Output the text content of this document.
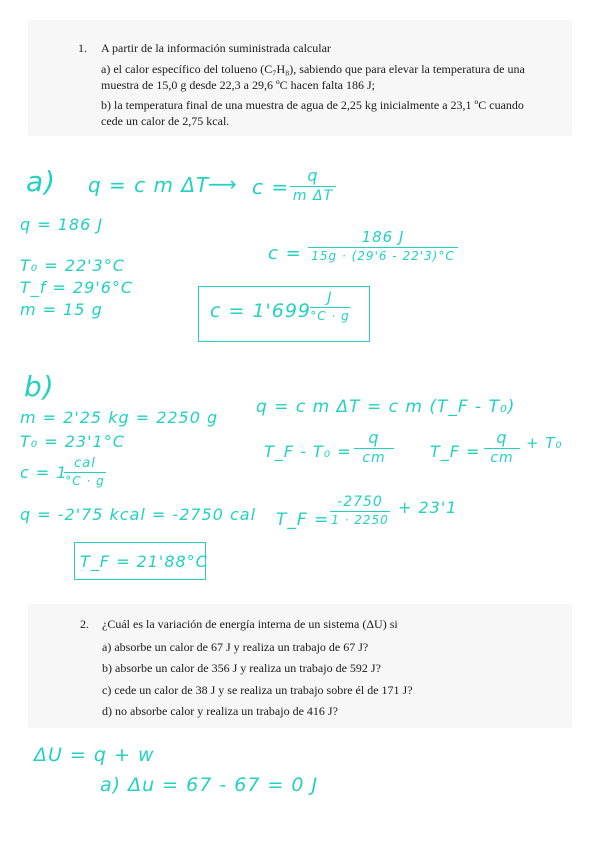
1. A partir de la información suministrada calcular
a) el calor específico del tolueno (C₇H₈), sabiendo que para elevar la temperatura de una
muestra de 15,0 g desde 22,3 a 29,6 ºC hacen falta 186 J;
b) la temperatura final de una muestra de agua de 2,25 kg inicialmente a 23,1 ºC cuando
cede un calor de 2,75 kcal.
a) q = c m ΔT
⟶ c = q
m ΔT
q = 186 J
T₀ = 22'3°C
T_f = 29'6°C
m = 15 g
c =
186 J
15g · (29'6 - 22'3)°C
c = 1'699
J
°C · g
b)
m = 2'25 kg = 2250 g
T₀ = 23'1°C
c = 1 cal
°C · g
q = -2'75 kcal = -2750 cal
q = c m ΔT = c m (T_F - T₀)
T_F - T₀ =
q
cm	T_F =
q
cm
+ T₀
T_F =
-2750
1 · 2250
+ 23'1
T_F = 21'88°C
2. ¿Cuál es la variación de energía interna de un sistema (ΔU) si
a) absorbe un calor de 67 J y realiza un trabajo de 67 J?
b) absorbe un calor de 356 J y realiza un trabajo de 592 J?
c) cede un calor de 38 J y se realiza un trabajo sobre él de 171 J?
d) no absorbe calor y realiza un trabajo de 416 J?
ΔU = q + w
a) Δu = 67 - 67 = 0 J
